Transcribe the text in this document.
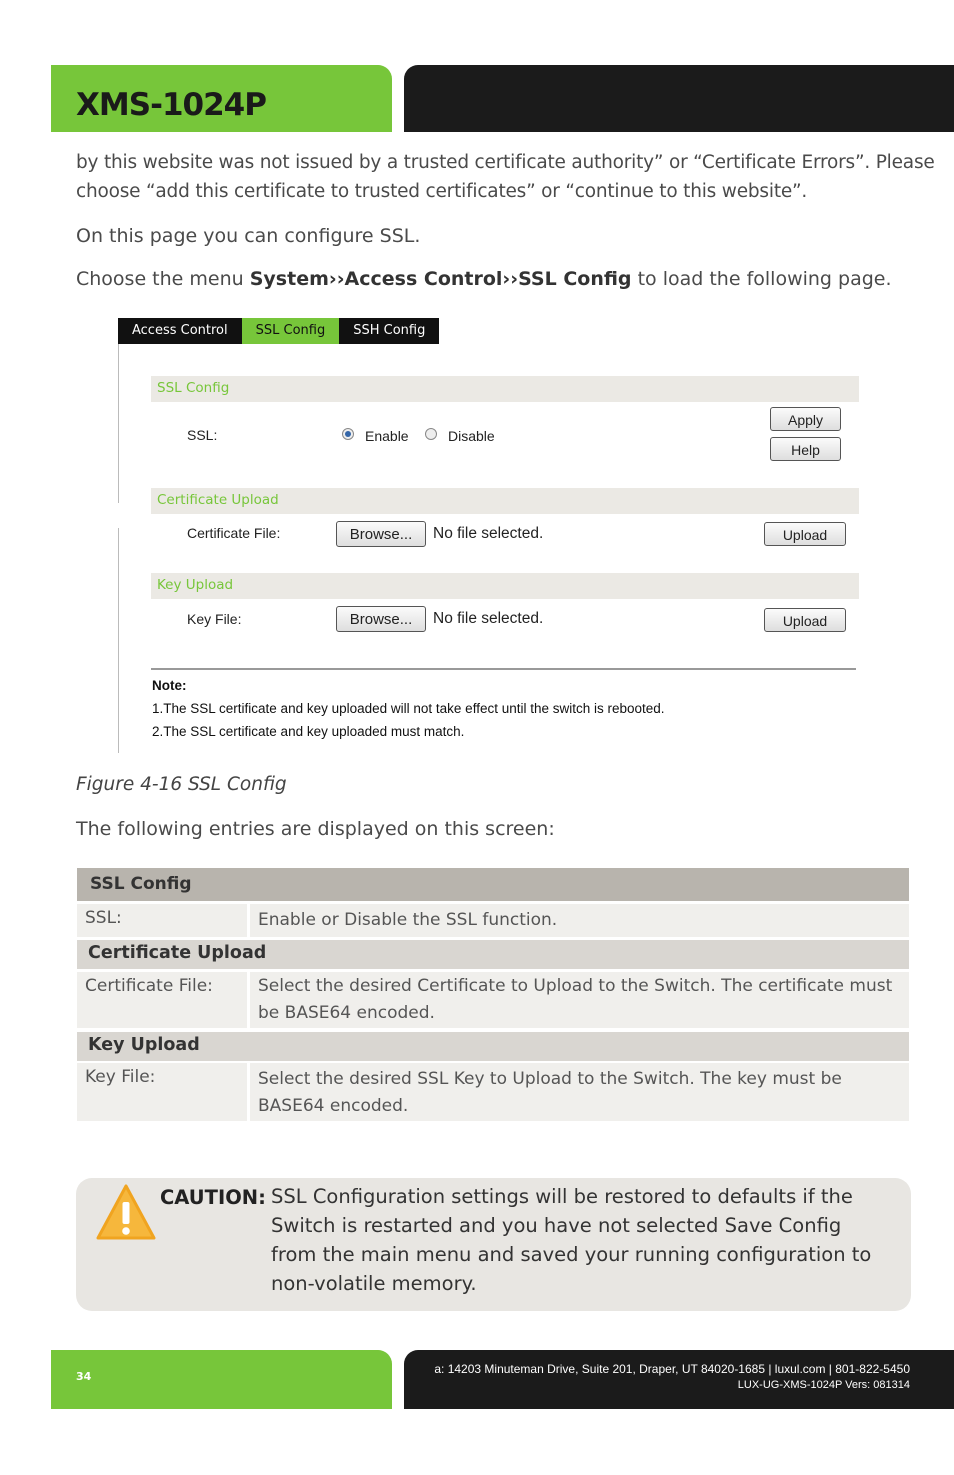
XMS-1024P
by this website was not issued by a trusted certificate authority” or “Certificate Errors”. Please choose “add this certificate to trusted certificates” or “continue to this website”.
On this page you can configure SSL.
Choose the menu System››Access Control››SSL Config to load the following page.
Access Control	SSL Config	SSH Config
SSL Config
SSL:	Enable	Disable
Apply
Help
Certificate Upload
Certificate File:	Browse...	No file selected.	Upload
Key Upload
Key File:	Browse...	No file selected.	Upload
Note:
1.The SSL certificate and key uploaded will not take effect until the switch is rebooted.
2.The SSL certificate and key uploaded must match.
Figure 4-16 SSL Config
The following entries are displayed on this screen:
SSL Config
SSL:	Enable or Disable the SSL function.
Certificate Upload
Certificate File:	Select the desired Certificate to Upload to the Switch. The certificate must be BASE64 encoded.
Key Upload
Key File:	Select the desired SSL Key to Upload to the Switch. The key must be BASE64 encoded.
CAUTION: SSL Configuration settings will be restored to defaults if the Switch is restarted and you have not selected Save Config from the main menu and saved your running configuration to non-volatile memory.
34
a: 14203 Minuteman Drive, Suite 201, Draper, UT 84020-1685 | luxul.com | 801-822-5450
LUX-UG-XMS-1024P Vers: 081314
